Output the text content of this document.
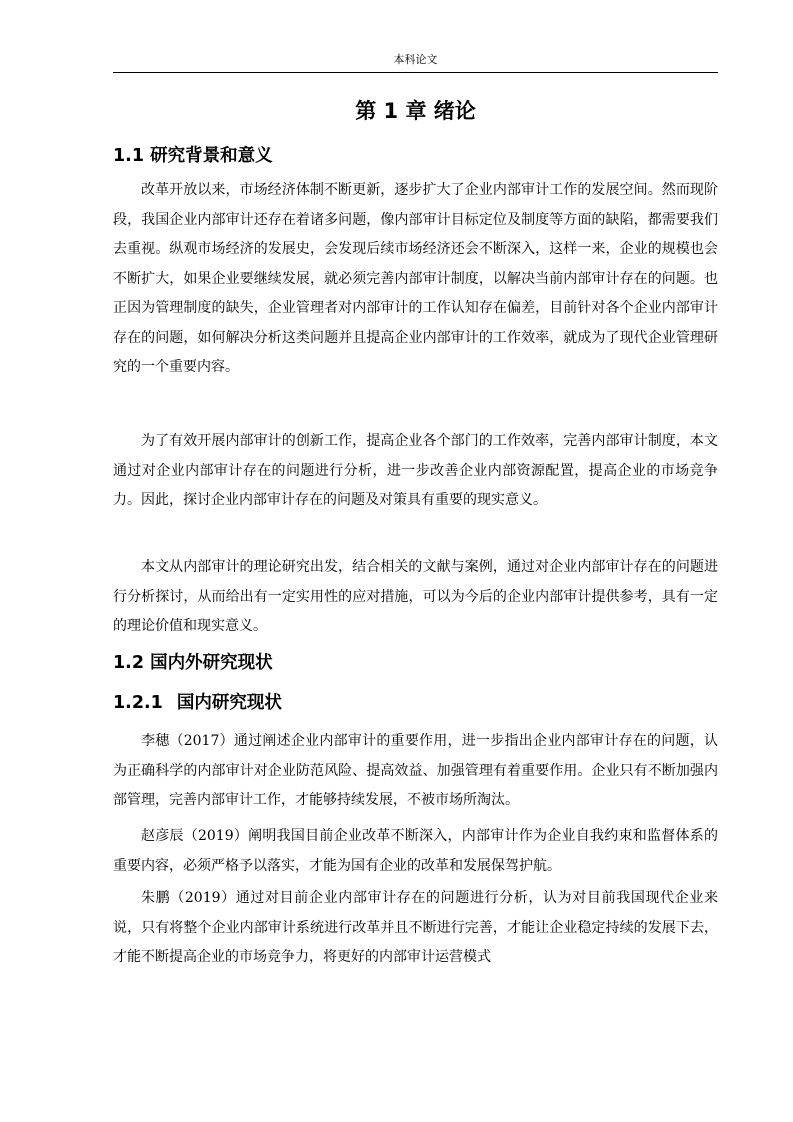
本科论文
第 1 章 绪论
1.1 研究背景和意义

改革开放以来，市场经济体制不断更新，逐步扩大了企业内部审计工作的发展空间。然而现阶段，我国企业内部审计还存在着诸多问题，像内部审计目标定位及制度等方面的缺陷，都需要我们去重视。纵观市场经济的发展史，会发现后续市场经济还会不断深入，这样一来，企业的规模也会不断扩大，如果企业要继续发展，就必须完善内部审计制度，以解决当前内部审计存在的问题。也正因为管理制度的缺失，企业管理者对内部审计的工作认知存在偏差，目前针对各个企业内部审计存在的问题，如何解决分析这类问题并且提高企业内部审计的工作效率，就成为了现代企业管理研究的一个重要内容。

为了有效开展内部审计的创新工作，提高企业各个部门的工作效率，完善内部审计制度，本文通过对企业内部审计存在的问题进行分析，进一步改善企业内部资源配置，提高企业的市场竞争力。因此，探讨企业内部审计存在的问题及对策具有重要的现实意义。

本文从内部审计的理论研究出发，结合相关的文献与案例，通过对企业内部审计存在的问题进行分析探讨，从而给出有一定实用性的应对措施，可以为今后的企业内部审计提供参考，具有一定的理论价值和现实意义。

1.2 国内外研究现状
1.2.1 国内研究现状

李穗（2017）通过阐述企业内部审计的重要作用，进一步指出企业内部审计存在的问题，认为正确科学的内部审计对企业防范风险、提高效益、加强管理有着重要作用。企业只有不断加强内部管理，完善内部审计工作，才能够持续发展，不被市场所淘汰。

赵彦辰（2019）阐明我国目前企业改革不断深入，内部审计作为企业自我约束和监督体系的重要内容，必须严格予以落实，才能为国有企业的改革和发展保驾护航。

朱鹏（2019）通过对目前企业内部审计存在的问题进行分析，认为对目前我国现代企业来说，只有将整个企业内部审计系统进行改革并且不断进行完善，才能让企业稳定持续的发展下去，才能不断提高企业的市场竞争力，将更好的内部审计运营模式
